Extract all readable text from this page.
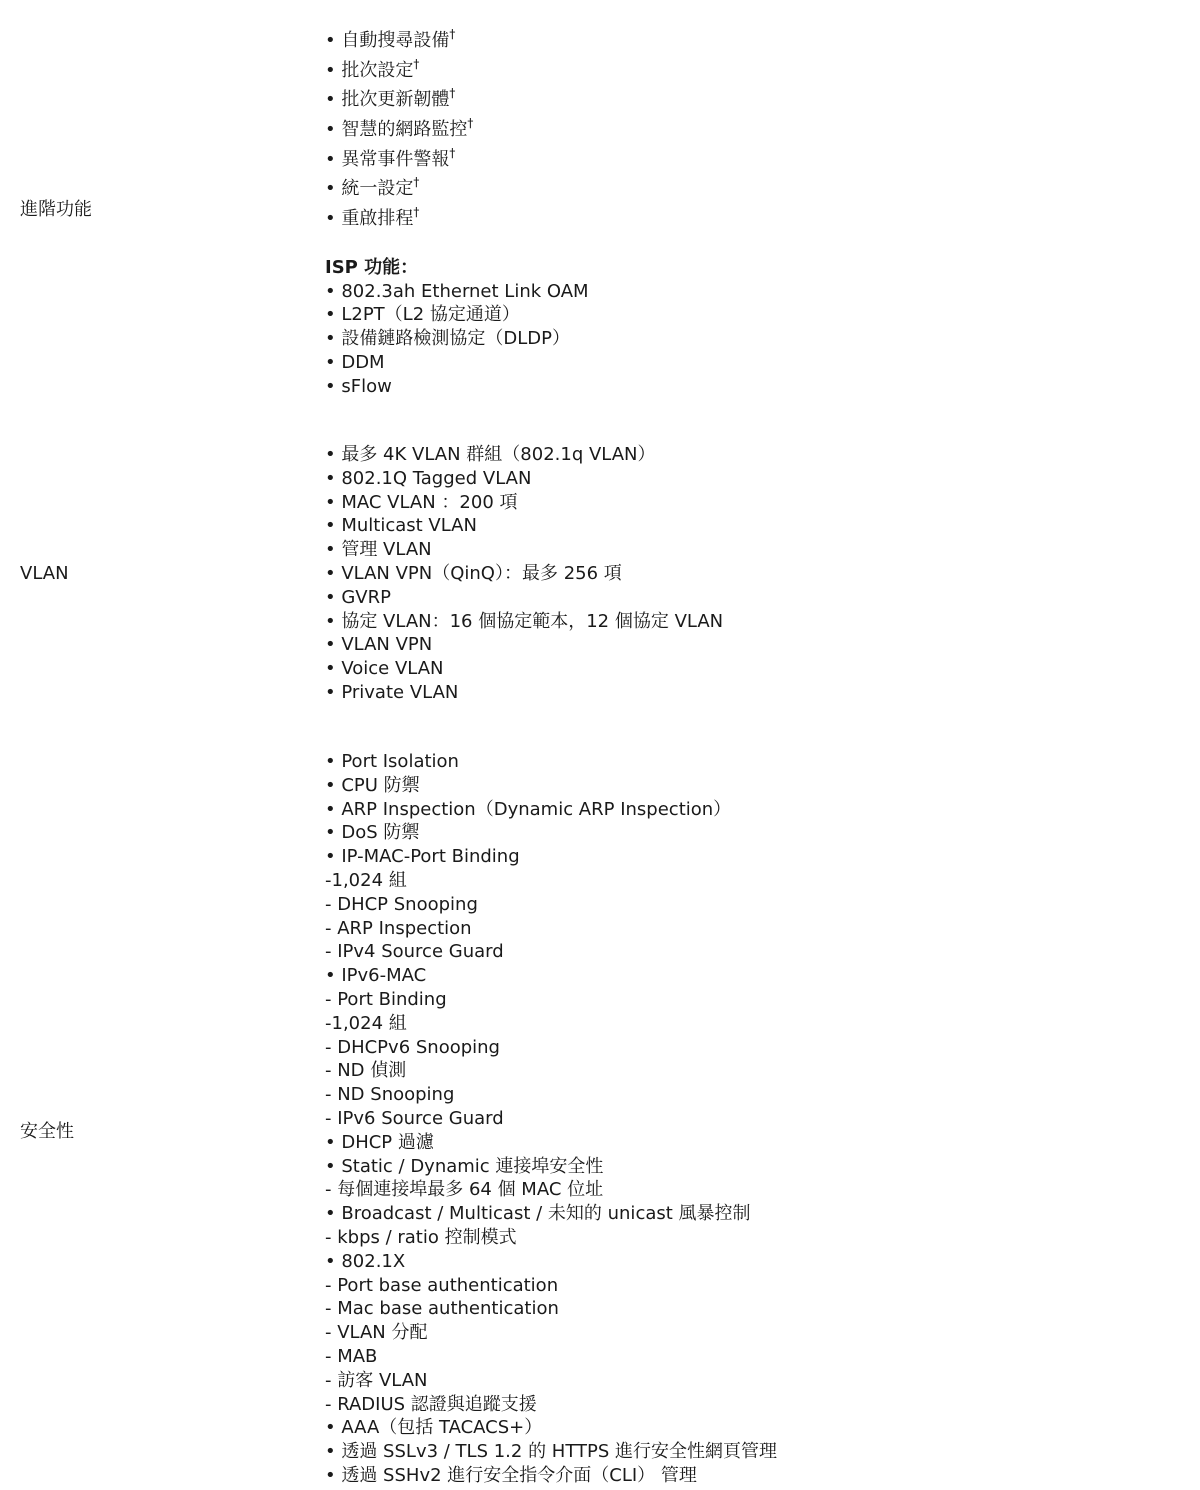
進階功能
• 自動搜尋設備†
• 批次設定†
• 批次更新韌體†
• 智慧的網路監控†
• 異常事件警報†
• 統一設定†
• 重啟排程†
ISP 功能：
• 802.3ah Ethernet Link OAM
• L2PT（L2 協定通道）
• 設備鏈路檢測協定（DLDP）
• DDM
• sFlow
VLAN
• 最多 4K VLAN 群組（802.1q VLAN）
• 802.1Q Tagged VLAN
• MAC VLAN ：200 項
• Multicast VLAN
• 管理 VLAN
• VLAN VPN（QinQ）：最多 256 項
• GVRP
• 協定 VLAN：16 個協定範本，12 個協定 VLAN
• VLAN VPN
• Voice VLAN
• Private VLAN
安全性
• Port Isolation
• CPU 防禦
• ARP Inspection（Dynamic ARP Inspection）
• DoS 防禦
• IP-MAC-Port Binding
-1,024 組
- DHCP Snooping
- ARP Inspection
- IPv4 Source Guard
• IPv6-MAC
- Port Binding
-1,024 組
- DHCPv6 Snooping
- ND 偵測
- ND Snooping
- IPv6 Source Guard
• DHCP 過濾
• Static / Dynamic 連接埠安全性
- 每個連接埠最多 64 個 MAC 位址
• Broadcast / Multicast / 未知的 unicast 風暴控制
- kbps / ratio 控制模式
• 802.1X
- Port base authentication
- Mac base authentication
- VLAN 分配
- MAB
- 訪客 VLAN
- RADIUS 認證與追蹤支援
• AAA（包括 TACACS+）
• 透過 SSLv3 / TLS 1.2 的 HTTPS 進行安全性網頁管理
• 透過 SSHv2 進行安全指令介面（CLI） 管理
